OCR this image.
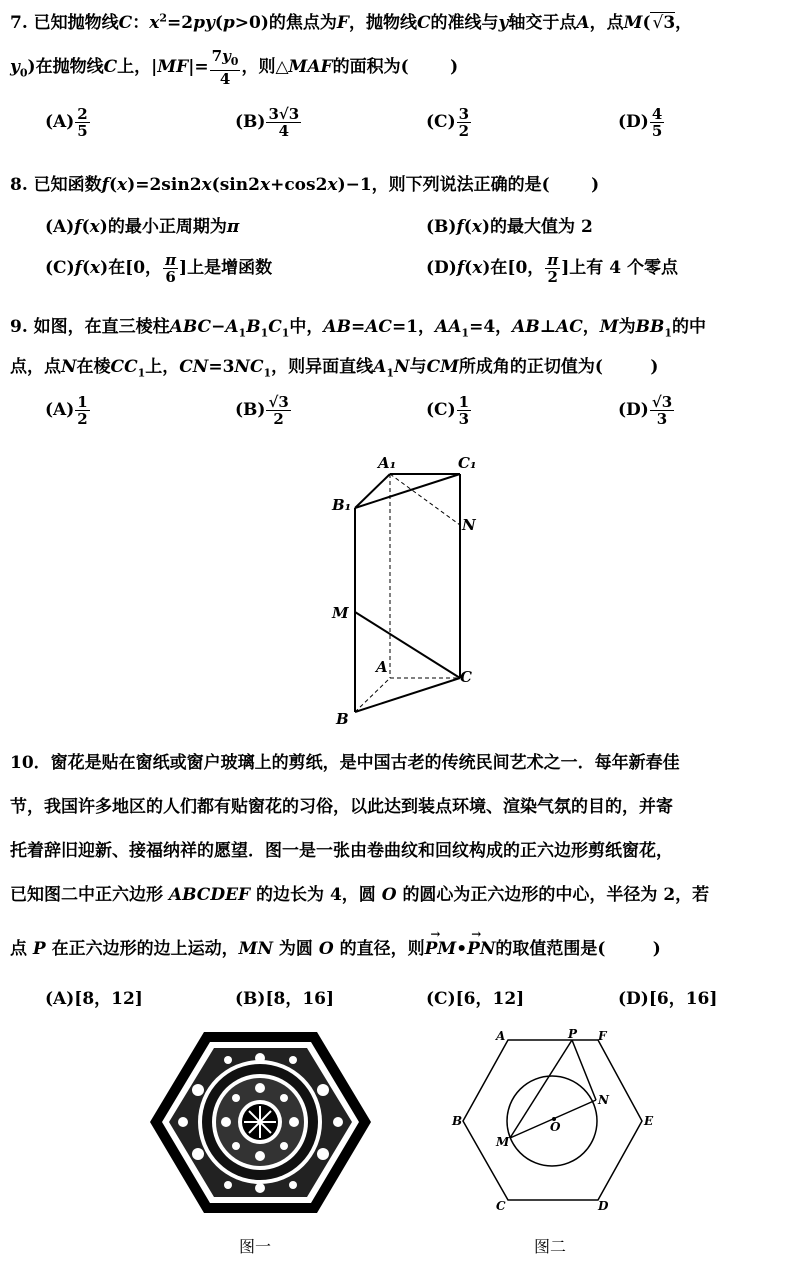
7. 已知抛物线C：$x^2=2py(p>0)$的焦点为F，抛物线C的准线与y轴交于点A，点M(√ 3，
$y_0$)在抛物线C上，$|MF|= \frac{7y_0}{4}$ ，则△MAF的面积为( )
$(A) \frac{2}{5}$	$(B) \frac{3√3}{4}$	$(C) \frac{3}{2}$	$(D) \frac{4}{5}$
8. 已知函数f(x)=2sin2x(sin2x+cos2x)−1，则下列说法正确的是( )
(A)f(x)的最小正周期为π	(B)f(x)的最大值为 2
(C)f(x)在[0， $\frac{\pi}{6}$ ]上是增函数	(D)f(x)在[0， $\frac{\pi}{2}$ ]上有 4 个零点
9. 如图，在直三棱柱$ABC-A_1B_1C_1$中，AB=AC=1，$AA_1=4$，AB⊥AC，M为$BB_1$的中
点，点N在棱$CC_1$上，$CN=3NC_1$，则异面直线$A_1N$与CM所成角的正切值为(	)
$(A) \frac{1}{2}$	$(B) \frac{√3}{2}$	$(C) \frac{1}{3}$	$(D) \frac{√3}{3}$
A₁	C₁
B₁
N
M
A
C
B
10．窗花是贴在窗纸或窗户玻璃上的剪纸，是中国古老的传统民间艺术之一．每年新春佳
节，我国许多地区的人们都有贴窗花的习俗，以此达到装点环境、渲染气氛的目的，并寄
托着辞旧迎新、接福纳祥的愿望．图一是一张由卷曲纹和回纹构成的正六边形剪纸窗花，
已知图二中正六边形 ABCDEF 的边长为 4，圆 O 的圆心为正六边形的中心，半径为 2，若
点 P 在正六边形的边上运动，MN 为圆 O 的直径，则→ PM•→ PN的取值范围是(	)
(A)[8，12]	(B)[8，16]	(C)[6，12]	(D)[6，16]
图一
A	P F
B
N
E
M
O
C	D
图二
